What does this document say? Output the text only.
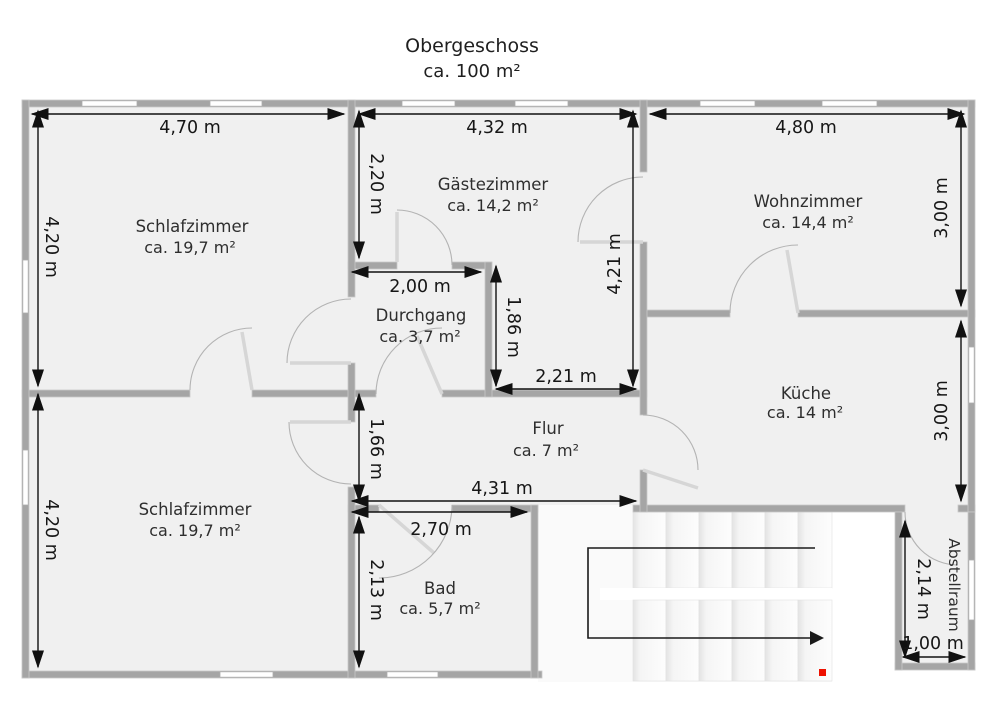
Obergeschoss
ca. 100 m²
4,70 m	4,32 m	4,80 m
4,20 m
4,20 m
3,00 m
3,00 m
2,20 m
4,21 m
2,00 m
1,86 m
2,21 m
1,66 m
4,31 m
2,70 m
2,13 m	2,14 m
1,00 m
Schlafzimmer
ca. 19,7 m²
Gästezimmer
ca. 14,2 m²	Wohnzimmer
ca. 14,4 m²
Durchgang
ca. 3,7 m²
Küche
ca. 14 m²
Flur
ca. 7 m²
Schlafzimmer
ca. 19,7 m²
Bad
ca. 5,7 m²	Abstellraum
